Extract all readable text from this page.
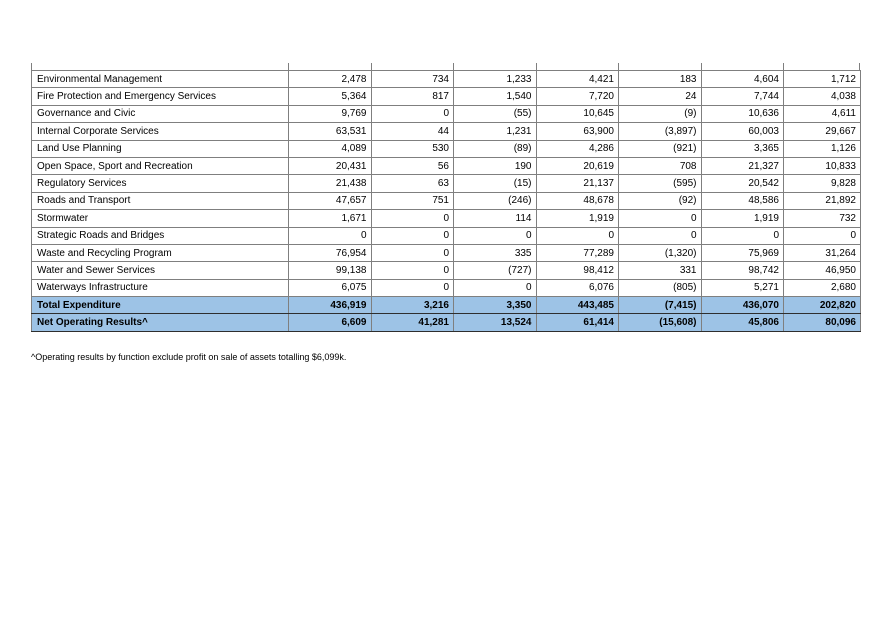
Environmental Management	2,478	734	1,233	4,421	183	4,604	1,712
Fire Protection and Emergency Services	5,364	817	1,540	7,720	24	7,744	4,038
Governance and Civic	9,769	0	(55)	10,645	(9)	10,636	4,611
Internal Corporate Services	63,531	44	1,231	63,900	(3,897)	60,003	29,667
Land Use Planning	4,089	530	(89)	4,286	(921)	3,365	1,126
Open Space, Sport and Recreation	20,431	56	190	20,619	708	21,327	10,833
Regulatory Services	21,438	63	(15)	21,137	(595)	20,542	9,828
Roads and Transport	47,657	751	(246)	48,678	(92)	48,586	21,892
Stormwater	1,671	0	114	1,919	0	1,919	732
Strategic Roads and Bridges	0	0	0	0	0	0	0
Waste and Recycling Program	76,954	0	335	77,289	(1,320)	75,969	31,264
Water and Sewer Services	99,138	0	(727)	98,412	331	98,742	46,950
Waterways Infrastructure	6,075	0	0	6,076	(805)	5,271	2,680
Total Expenditure	436,919	3,216	3,350	443,485	(7,415)	436,070	202,820
Net Operating Results^	6,609	41,281	13,524	61,414	(15,608)	45,806	80,096
^Operating results by function exclude profit on sale of assets totalling $6,099k.
